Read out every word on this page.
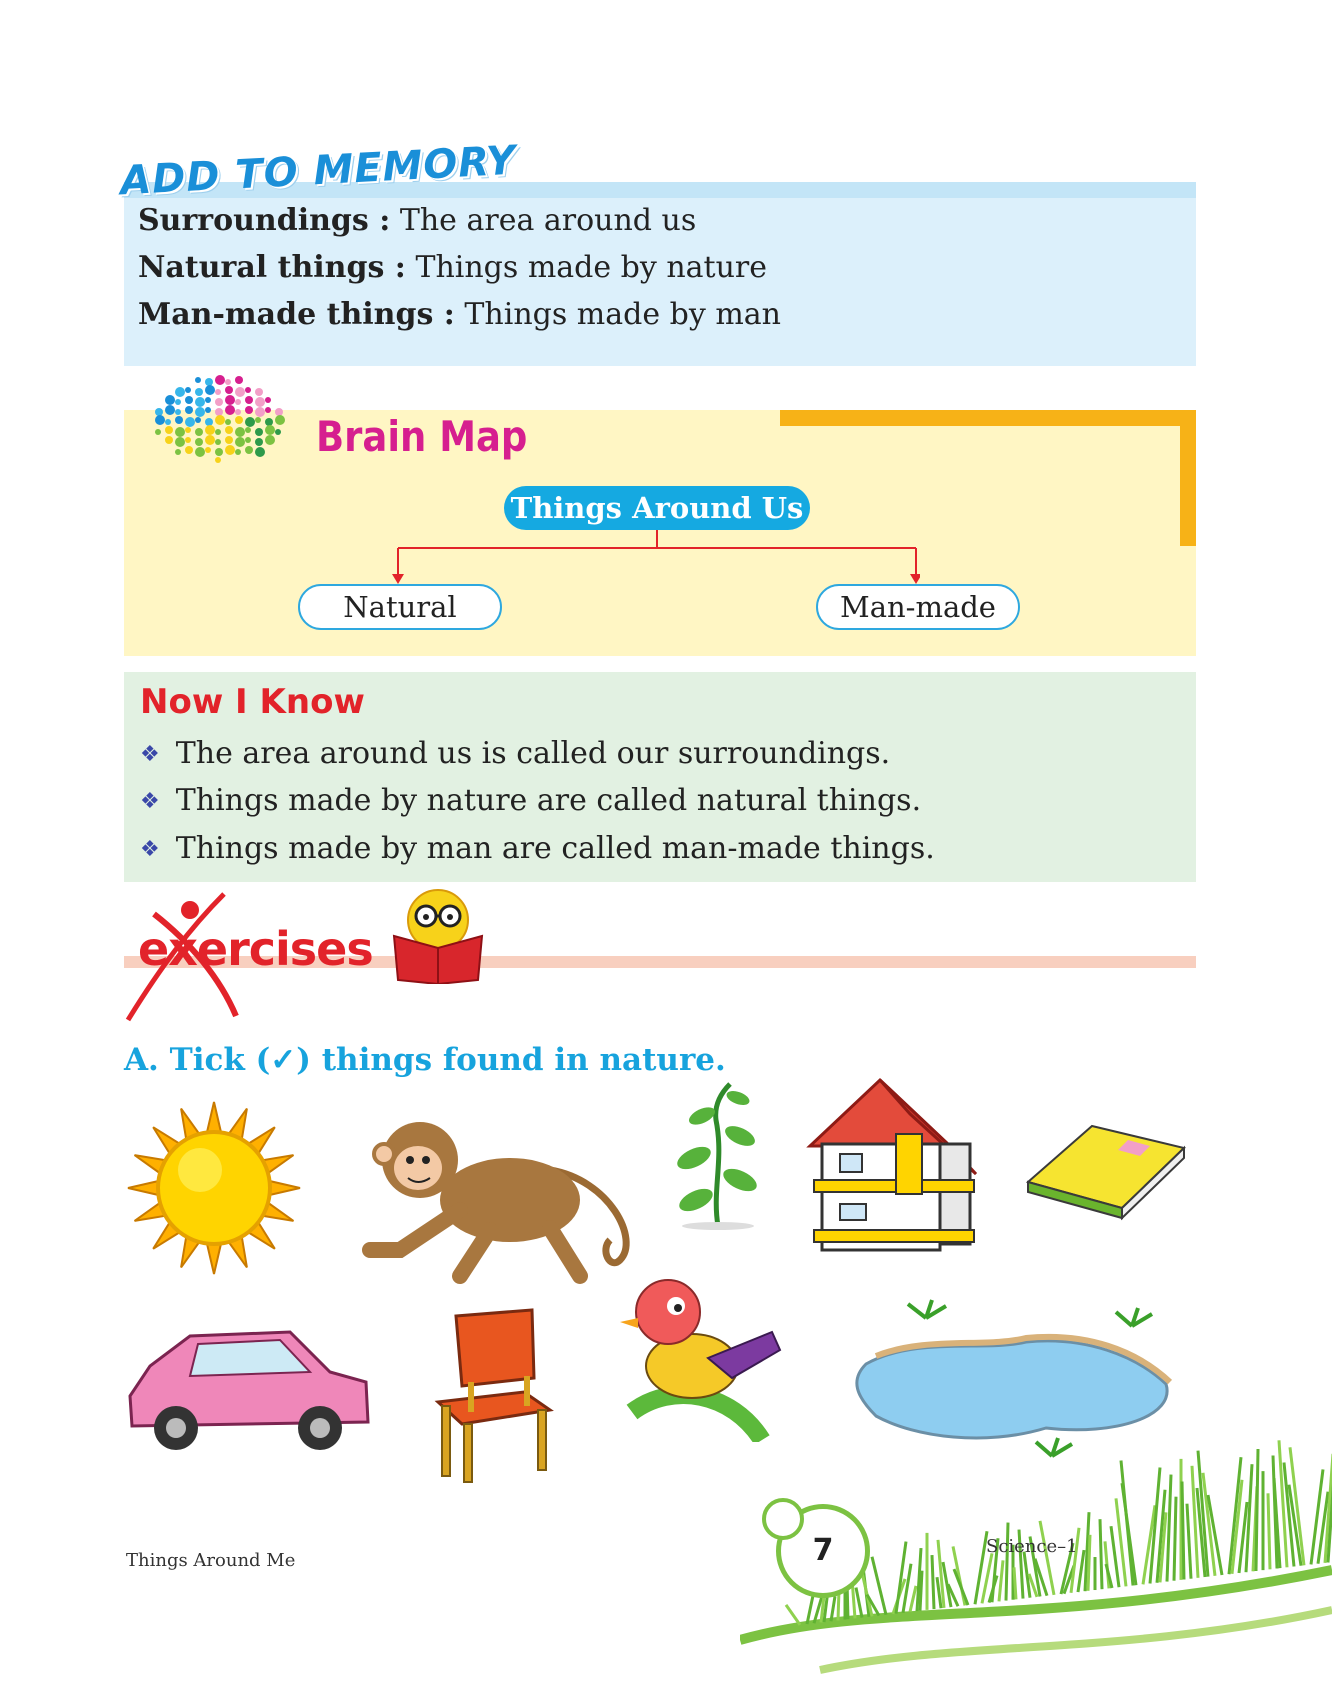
ADD TO MEMORY
Surroundings : The area around us
Natural things : Things made by nature
Man-made things : Things made by man
Brain Map
Things Around Us
Natural	Man-made
Now I Know
❖ The area around us is called our surroundings.
❖ Things made by nature are called natural things.
❖ Things made by man are called man-made things.
exercises
A. Tick (✓) things found in nature.
7
Things Around Me
Science–1
